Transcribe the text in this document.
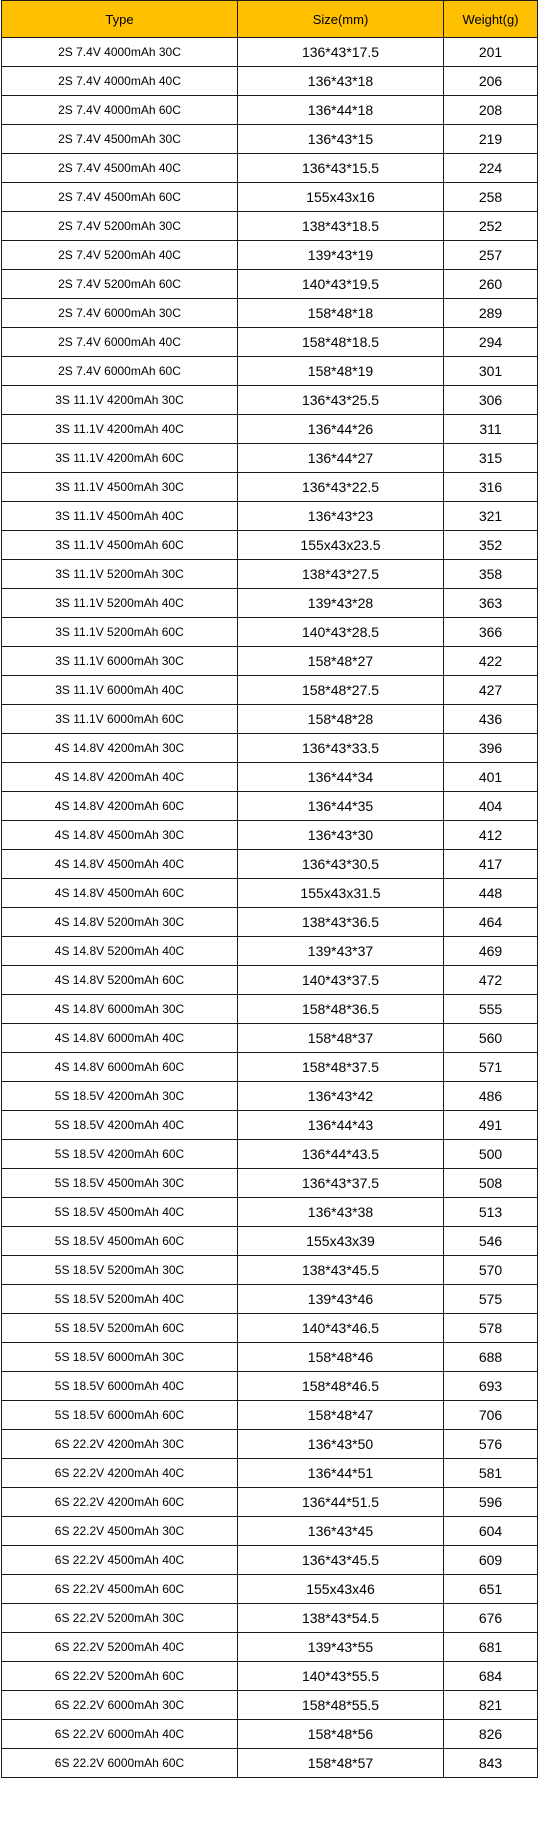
Type	Size(mm)	Weight(g)
2S 7.4V 4000mAh 30C	136*43*17.5	201
2S 7.4V 4000mAh 40C	136*43*18	206
2S 7.4V 4000mAh 60C	136*44*18	208
2S 7.4V 4500mAh 30C	136*43*15	219
2S 7.4V 4500mAh 40C	136*43*15.5	224
2S 7.4V 4500mAh 60C	155x43x16	258
2S 7.4V 5200mAh 30C	138*43*18.5	252
2S 7.4V 5200mAh 40C	139*43*19	257
2S 7.4V 5200mAh 60C	140*43*19.5	260
2S 7.4V 6000mAh 30C	158*48*18	289
2S 7.4V 6000mAh 40C	158*48*18.5	294
2S 7.4V 6000mAh 60C	158*48*19	301
3S 11.1V 4200mAh 30C	136*43*25.5	306
3S 11.1V 4200mAh 40C	136*44*26	311
3S 11.1V 4200mAh 60C	136*44*27	315
3S 11.1V 4500mAh 30C	136*43*22.5	316
3S 11.1V 4500mAh 40C	136*43*23	321
3S 11.1V 4500mAh 60C	155x43x23.5	352
3S 11.1V 5200mAh 30C	138*43*27.5	358
3S 11.1V 5200mAh 40C	139*43*28	363
3S 11.1V 5200mAh 60C	140*43*28.5	366
3S 11.1V 6000mAh 30C	158*48*27	422
3S 11.1V 6000mAh 40C	158*48*27.5	427
3S 11.1V 6000mAh 60C	158*48*28	436
4S 14.8V 4200mAh 30C	136*43*33.5	396
4S 14.8V 4200mAh 40C	136*44*34	401
4S 14.8V 4200mAh 60C	136*44*35	404
4S 14.8V 4500mAh 30C	136*43*30	412
4S 14.8V 4500mAh 40C	136*43*30.5	417
4S 14.8V 4500mAh 60C	155x43x31.5	448
4S 14.8V 5200mAh 30C	138*43*36.5	464
4S 14.8V 5200mAh 40C	139*43*37	469
4S 14.8V 5200mAh 60C	140*43*37.5	472
4S 14.8V 6000mAh 30C	158*48*36.5	555
4S 14.8V 6000mAh 40C	158*48*37	560
4S 14.8V 6000mAh 60C	158*48*37.5	571
5S 18.5V 4200mAh 30C	136*43*42	486
5S 18.5V 4200mAh 40C	136*44*43	491
5S 18.5V 4200mAh 60C	136*44*43.5	500
5S 18.5V 4500mAh 30C	136*43*37.5	508
5S 18.5V 4500mAh 40C	136*43*38	513
5S 18.5V 4500mAh 60C	155x43x39	546
5S 18.5V 5200mAh 30C	138*43*45.5	570
5S 18.5V 5200mAh 40C	139*43*46	575
5S 18.5V 5200mAh 60C	140*43*46.5	578
5S 18.5V 6000mAh 30C	158*48*46	688
5S 18.5V 6000mAh 40C	158*48*46.5	693
5S 18.5V 6000mAh 60C	158*48*47	706
6S 22.2V 4200mAh 30C	136*43*50	576
6S 22.2V 4200mAh 40C	136*44*51	581
6S 22.2V 4200mAh 60C	136*44*51.5	596
6S 22.2V 4500mAh 30C	136*43*45	604
6S 22.2V 4500mAh 40C	136*43*45.5	609
6S 22.2V 4500mAh 60C	155x43x46	651
6S 22.2V 5200mAh 30C	138*43*54.5	676
6S 22.2V 5200mAh 40C	139*43*55	681
6S 22.2V 5200mAh 60C	140*43*55.5	684
6S 22.2V 6000mAh 30C	158*48*55.5	821
6S 22.2V 6000mAh 40C	158*48*56	826
6S 22.2V 6000mAh 60C	158*48*57	843
